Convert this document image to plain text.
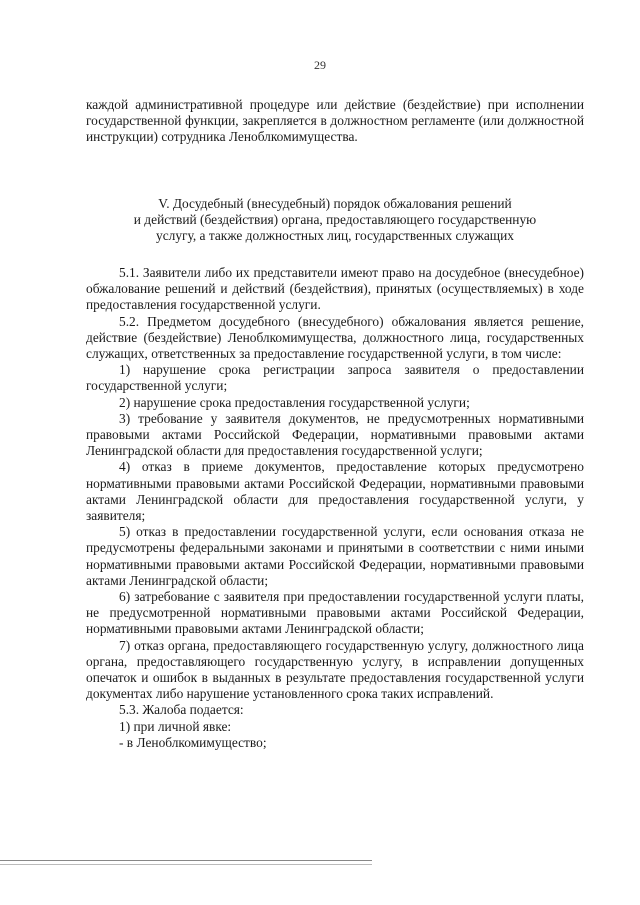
29

каждой административной процедуре или действие (бездействие) при исполнении государственной функции, закрепляется в должностном регламенте (или должностной инструкции) сотрудника Леноблкомимущества.

V. Досудебный (внесудебный) порядок обжалования решений
и действий (бездействия) органа, предоставляющего государственную
услугу, а также должностных лиц, государственных служащих

5.1. Заявители либо их представители имеют право на досудебное (внесудебное) обжалование решений и действий (бездействия), принятых (осуществляемых) в ходе предоставления государственной услуги.

5.2. Предметом досудебного (внесудебного) обжалования является решение, действие (бездействие) Леноблкомимущества, должностного лица, государственных служащих, ответственных за предоставление государственной услуги, в том числе:

1) нарушение срока регистрации запроса заявителя о предоставлении государственной услуги;

2) нарушение срока предоставления государственной услуги;

3) требование у заявителя документов, не предусмотренных нормативными правовыми актами Российской Федерации, нормативными правовыми актами Ленинградской области для предоставления государственной услуги;

4) отказ в приеме документов, предоставление которых предусмотрено нормативными правовыми актами Российской Федерации, нормативными правовыми актами Ленинградской области для предоставления государственной услуги, у заявителя;

5) отказ в предоставлении государственной услуги, если основания отказа не предусмотрены федеральными законами и принятыми в соответствии с ними иными нормативными правовыми актами Российской Федерации, нормативными правовыми актами Ленинградской области;

6) затребование с заявителя при предоставлении государственной услуги платы, не предусмотренной нормативными правовыми актами Российской Федерации, нормативными правовыми актами Ленинградской области;

7) отказ органа, предоставляющего государственную услугу, должностного лица органа, предоставляющего государственную услугу, в исправлении допущенных опечаток и ошибок в выданных в результате предоставления государственной услуги документах либо нарушение установленного срока таких исправлений.

5.3. Жалоба подается:

1) при личной явке:

- в Леноблкомимущество;
